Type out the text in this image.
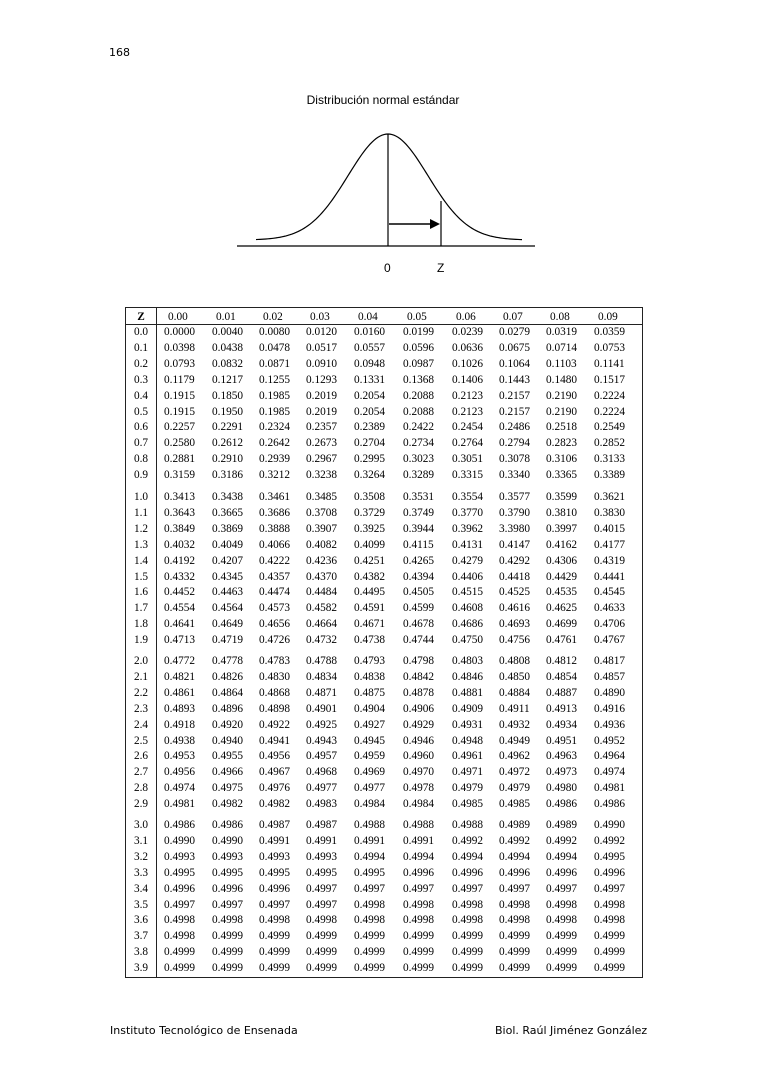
168
Distribución normal estándar
0	Z
Z	0.00 0.01 0.02 0.03 0.04	0.05	0.06 0.07 0.08 0.09
0.0	0.0000 0.0040 0.0080 0.0120 0.0160 0.0199 0.0239 0.0279 0.0319 0.0359
0.1	0.0398 0.0438 0.0478 0.0517 0.0557 0.0596 0.0636 0.0675 0.0714 0.0753
0.2	0.0793 0.0832 0.0871 0.0910 0.0948 0.0987 0.1026 0.1064 0.1103 0.1141
0.3	0.1179 0.1217 0.1255 0.1293 0.1331 0.1368 0.1406 0.1443 0.1480 0.1517
0.4	0.1915 0.1850 0.1985 0.2019 0.2054 0.2088 0.2123 0.2157 0.2190 0.2224
0.5	0.1915 0.1950 0.1985 0.2019 0.2054 0.2088 0.2123 0.2157 0.2190 0.2224
0.6	0.2257 0.2291 0.2324 0.2357 0.2389 0.2422 0.2454 0.2486 0.2518 0.2549
0.7	0.2580 0.2612 0.2642 0.2673 0.2704 0.2734 0.2764 0.2794 0.2823 0.2852
0.8	0.2881 0.2910 0.2939 0.2967 0.2995 0.3023 0.3051 0.3078 0.3106 0.3133
0.9	0.3159 0.3186 0.3212 0.3238 0.3264 0.3289 0.3315 0.3340 0.3365 0.3389
1.0	0.3413 0.3438 0.3461 0.3485 0.3508 0.3531 0.3554 0.3577 0.3599 0.3621
1.1	0.3643 0.3665 0.3686 0.3708 0.3729 0.3749 0.3770 0.3790 0.3810 0.3830
1.2	0.3849 0.3869 0.3888 0.3907 0.3925 0.3944 0.3962 3.3980 0.3997 0.4015
1.3	0.4032 0.4049 0.4066 0.4082 0.4099 0.4115 0.4131 0.4147 0.4162 0.4177
1.4	0.4192 0.4207 0.4222 0.4236 0.4251 0.4265 0.4279 0.4292 0.4306 0.4319
1.5	0.4332 0.4345 0.4357 0.4370 0.4382 0.4394 0.4406 0.4418 0.4429 0.4441
1.6	0.4452 0.4463 0.4474 0.4484 0.4495 0.4505 0.4515 0.4525 0.4535 0.4545
1.7	0.4554 0.4564 0.4573 0.4582 0.4591 0.4599 0.4608 0.4616 0.4625 0.4633
1.8	0.4641 0.4649 0.4656 0.4664 0.4671 0.4678 0.4686 0.4693 0.4699 0.4706
1.9	0.4713 0.4719 0.4726 0.4732 0.4738 0.4744 0.4750 0.4756 0.4761 0.4767
2.0	0.4772 0.4778 0.4783 0.4788 0.4793 0.4798 0.4803 0.4808 0.4812 0.4817
2.1	0.4821 0.4826 0.4830 0.4834 0.4838 0.4842 0.4846 0.4850 0.4854 0.4857
2.2	0.4861 0.4864 0.4868 0.4871 0.4875 0.4878 0.4881 0.4884 0.4887 0.4890
2.3	0.4893 0.4896 0.4898 0.4901 0.4904 0.4906 0.4909 0.4911 0.4913 0.4916
2.4	0.4918 0.4920 0.4922 0.4925 0.4927 0.4929 0.4931 0.4932 0.4934 0.4936
2.5	0.4938 0.4940 0.4941 0.4943 0.4945 0.4946 0.4948 0.4949 0.4951 0.4952
2.6	0.4953 0.4955 0.4956 0.4957 0.4959 0.4960 0.4961 0.4962 0.4963 0.4964
2.7	0.4956 0.4966 0.4967 0.4968 0.4969 0.4970 0.4971 0.4972 0.4973 0.4974
2.8	0.4974 0.4975 0.4976 0.4977 0.4977 0.4978 0.4979 0.4979 0.4980 0.4981
2.9	0.4981 0.4982 0.4982 0.4983 0.4984 0.4984 0.4985 0.4985 0.4986 0.4986
3.0	0.4986 0.4986 0.4987 0.4987 0.4988 0.4988 0.4988 0.4989 0.4989 0.4990
3.1	0.4990 0.4990 0.4991 0.4991 0.4991 0.4991 0.4992 0.4992 0.4992 0.4992
3.2	0.4993 0.4993 0.4993 0.4993 0.4994 0.4994 0.4994 0.4994 0.4994 0.4995
3.3	0.4995 0.4995 0.4995 0.4995 0.4995 0.4996 0.4996 0.4996 0.4996 0.4996
3.4	0.4996 0.4996 0.4996 0.4997 0.4997 0.4997 0.4997 0.4997 0.4997 0.4997
3.5	0.4997 0.4997 0.4997 0.4997 0.4998 0.4998 0.4998 0.4998 0.4998 0.4998
3.6	0.4998 0.4998 0.4998 0.4998 0.4998 0.4998 0.4998 0.4998 0.4998 0.4998
3.7	0.4998 0.4999 0.4999 0.4999 0.4999 0.4999 0.4999 0.4999 0.4999 0.4999
3.8	0.4999 0.4999 0.4999 0.4999 0.4999 0.4999 0.4999 0.4999 0.4999 0.4999
3.9	0.4999 0.4999 0.4999 0.4999 0.4999 0.4999 0.4999 0.4999 0.4999 0.4999
Instituto Tecnológico de Ensenada	Biol. Raúl Jiménez González
